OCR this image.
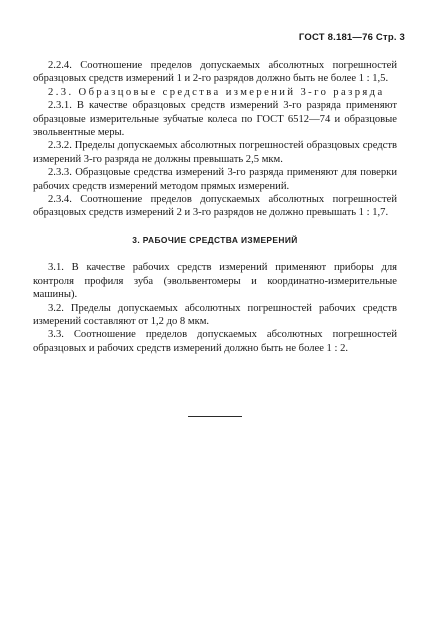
ГОСТ 8.181—76 Стр. 3

2.2.4. Соотношение пределов допускаемых абсолютных погрешностей образцовых средств измерений 1 и 2-го разрядов должно быть не более 1 : 1,5.

2.3. Образцовые средства измерений 3-го разряда

2.3.1. В качестве образцовых средств измерений 3-го разряда применяют образцовые измерительные зубчатые колеса по ГОСТ 6512—74 и образцовые эвольвентные меры.

2.3.2. Пределы допускаемых абсолютных погрешностей образцовых средств измерений 3-го разряда не должны превышать 2,5 мкм.

2.3.3. Образцовые средства измерений 3-го разряда применяют для поверки рабочих средств измерений методом прямых измерений.

2.3.4. Соотношение пределов допускаемых абсолютных погрешностей образцовых средств измерений 2 и 3-го разрядов не должно превышать 1 : 1,7.

3. РАБОЧИЕ СРЕДСТВА ИЗМЕРЕНИЙ

3.1. В качестве рабочих средств измерений применяют приборы для контроля профиля зуба (эвольвентомеры и координатно-измерительные машины).

3.2. Пределы допускаемых абсолютных погрешностей рабочих средств измерений составляют от 1,2 до 8 мкм.

3.3. Соотношение пределов допускаемых абсолютных погрешностей образцовых и рабочих средств измерений должно быть не более 1 : 2.
